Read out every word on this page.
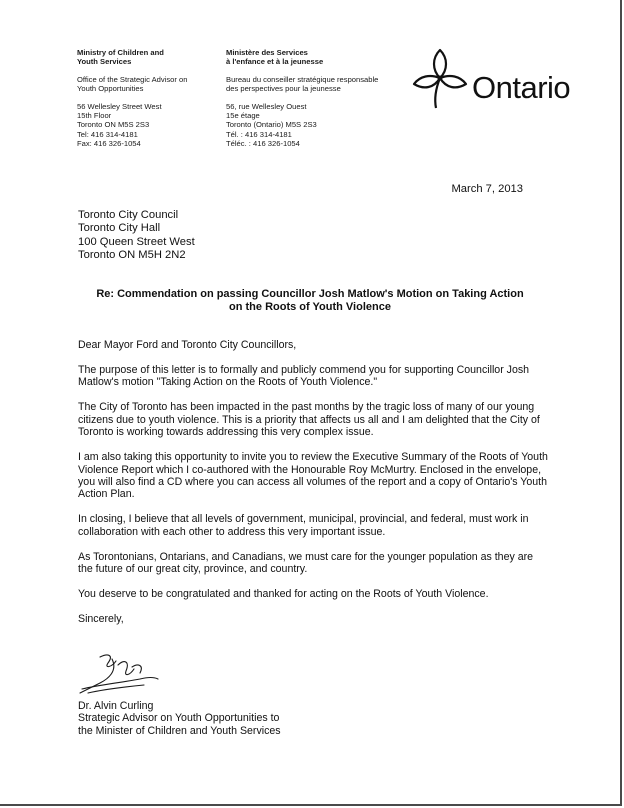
Ministry of Children and
Youth Services
Office of the Strategic Advisor on
Youth Opportunities
56 Wellesley Street West
15th Floor
Toronto ON M5S 2S3
Tel: 416 314-4181
Fax: 416 326-1054
Ministère des Services
à l'enfance et à la jeunesse
Bureau du conseiller stratégique responsable
des perspectives pour la jeunesse
56, rue Wellesley Ouest
15e étage
Toronto (Ontario) M5S 2S3
Tél. : 416 314-4181
Téléc. : 416 326-1054
Ontario
March 7, 2013
Toronto City Council
Toronto City Hall
100 Queen Street West
Toronto ON M5H 2N2
Re: Commendation on passing Councillor Josh Matlow's Motion on Taking Action
on the Roots of Youth Violence

Dear Mayor Ford and Toronto City Councillors,

The purpose of this letter is to formally and publicly commend you for supporting Councillor Josh Matlow's motion "Taking Action on the Roots of Youth Violence."

The City of Toronto has been impacted in the past months by the tragic loss of many of our young citizens due to youth violence. This is a priority that affects us all and I am delighted that the City of Toronto is working towards addressing this very complex issue.

I am also taking this opportunity to invite you to review the Executive Summary of the Roots of Youth Violence Report which I co-authored with the Honourable Roy McMurtry. Enclosed in the envelope, you will also find a CD where you can access all volumes of the report and a copy of Ontario's Youth Action Plan.

In closing, I believe that all levels of government, municipal, provincial, and federal, must work in collaboration with each other to address this very important issue.

As Torontonians, Ontarians, and Canadians, we must care for the younger population as they are the future of our great city, province, and country.

You deserve to be congratulated and thanked for acting on the Roots of Youth Violence.

Sincerely,

Dr. Alvin Curling
Strategic Advisor on Youth Opportunities to
the Minister of Children and Youth Services
